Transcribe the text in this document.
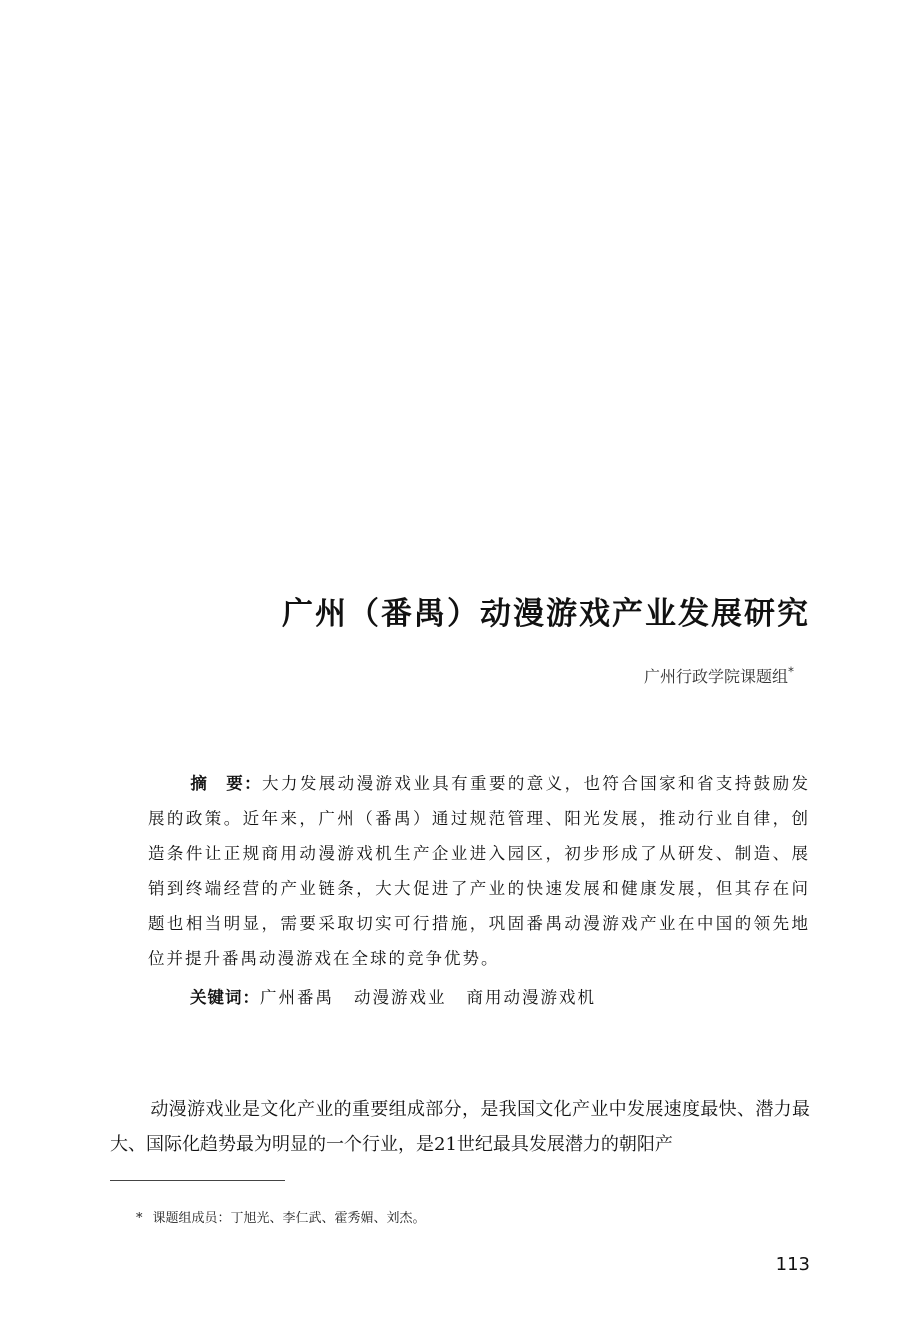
广州（番禺）动漫游戏产业发展研究
广州行政学院课题组*

摘　要：大力发展动漫游戏业具有重要的意义，也符合国家和省支持鼓励发展的政策。近年来，广州（番禺）通过规范管理、阳光发展，推动行业自律，创造条件让正规商用动漫游戏机生产企业进入园区，初步形成了从研发、制造、展销到终端经营的产业链条，大大促进了产业的快速发展和健康发展，但其存在问题也相当明显，需要采取切实可行措施，巩固番禺动漫游戏产业在中国的领先地位并提升番禺动漫游戏在全球的竞争优势。

关键词：广州番禺 动漫游戏业 商用动漫游戏机

动漫游戏业是文化产业的重要组成部分，是我国文化产业中发展速度最快、潜力最大、国际化趋势最为明显的一个行业，是21世纪最具发展潜力的朝阳产

* 课题组成员：丁旭光、李仁武、霍秀媚、刘杰。

113
